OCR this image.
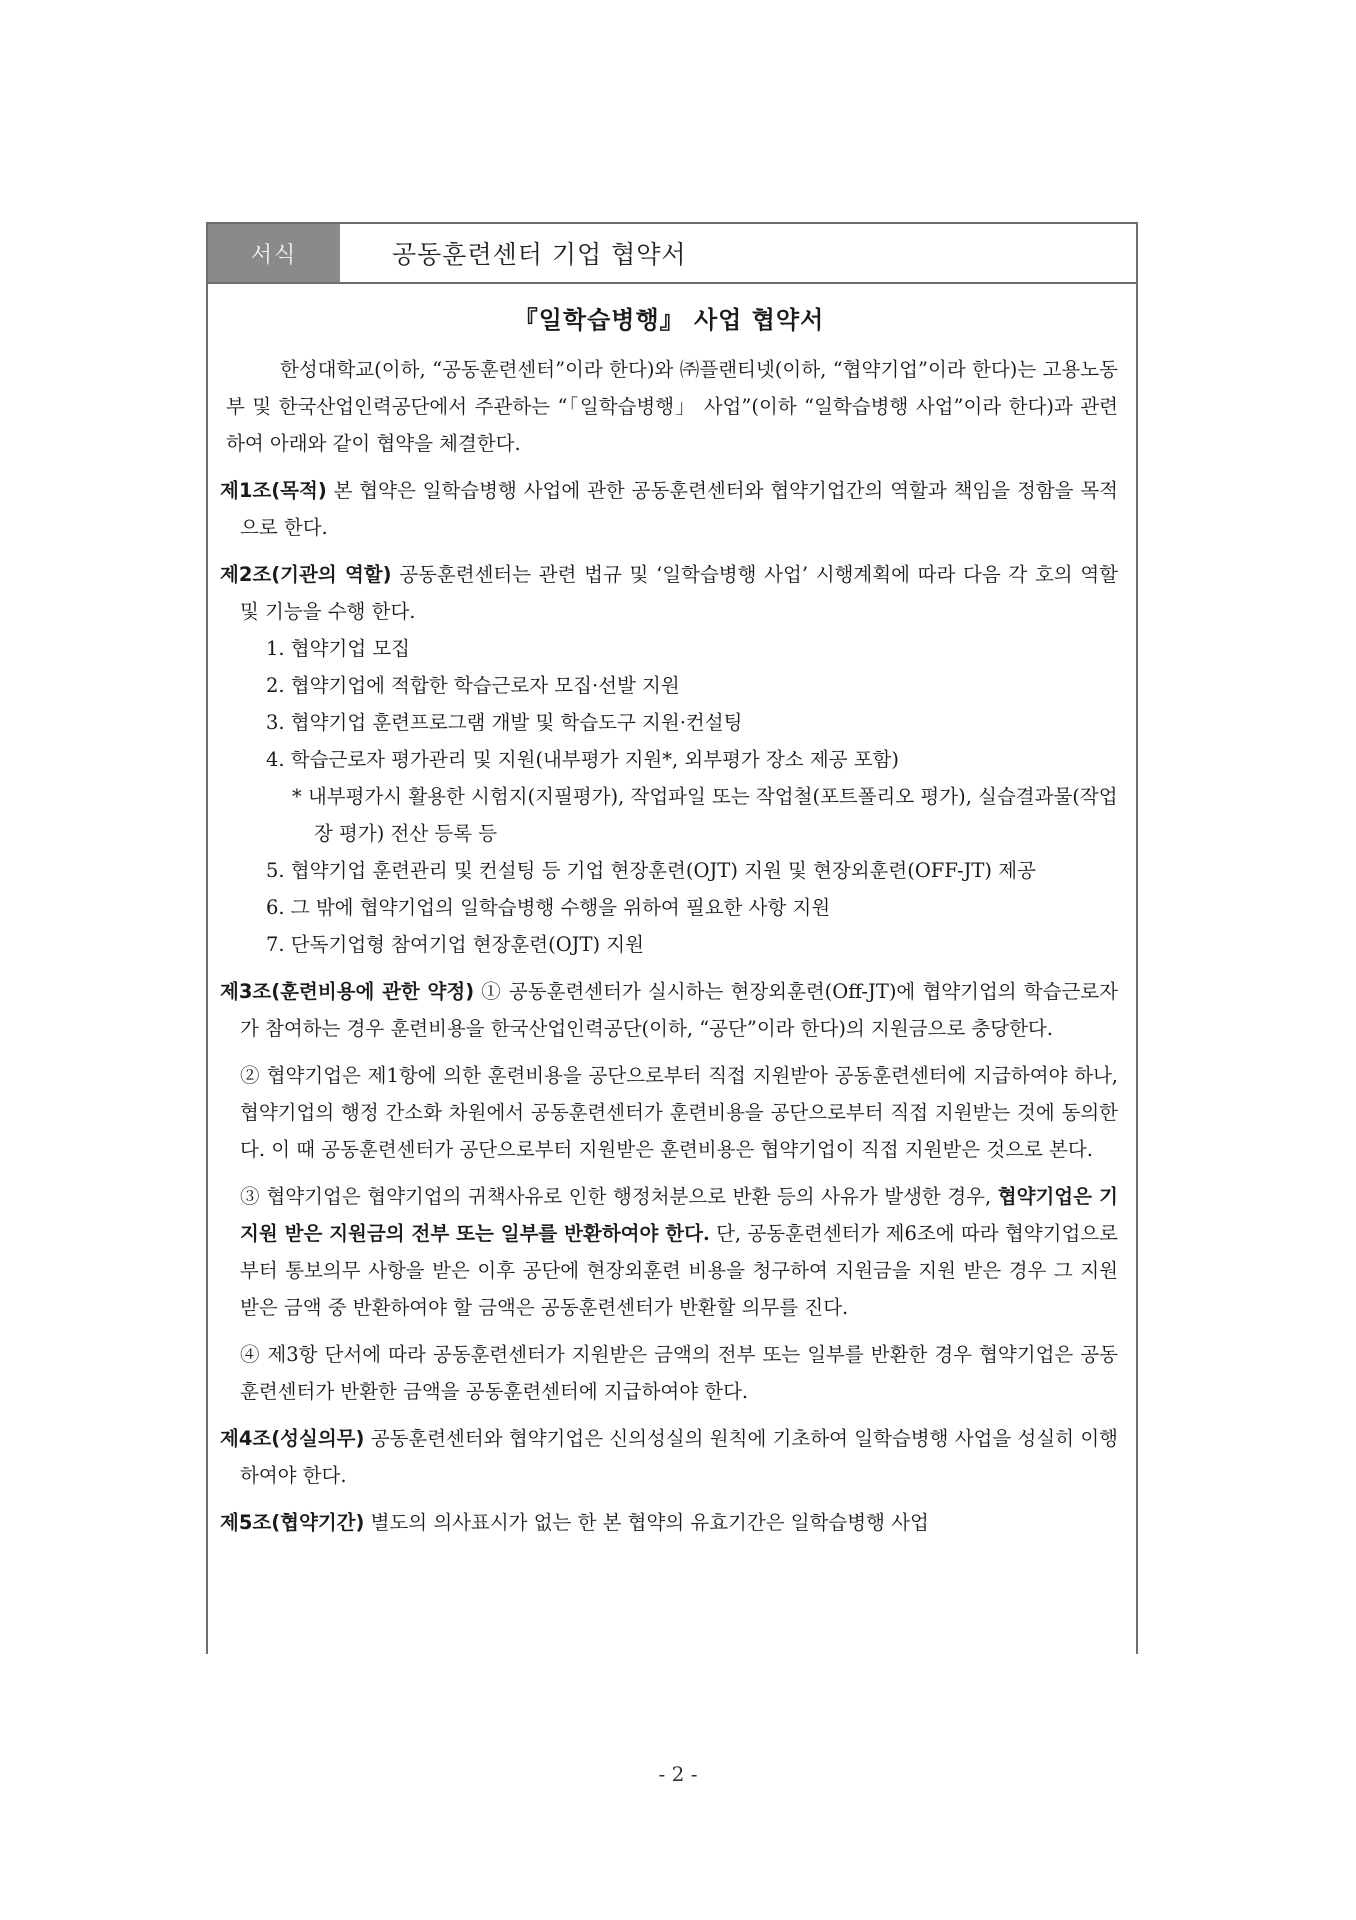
서식	공동훈련센터 기업 협약서
『일학습병행』 사업 협약서

한성대학교(이하, “공동훈련센터”이라 한다)와 ㈜플랜티넷(이하, “협약기업”이라 한다)는 고용노동부 및 한국산업인력공단에서 주관하는 “「일학습병행」 사업”(이하 “일학습병행 사업”이라 한다)과 관련하여 아래와 같이 협약을 체결한다.

제1조(목적) 본 협약은 일학습병행 사업에 관한 공동훈련센터와 협약기업간의 역할과 책임을 정함을 목적으로 한다.

제2조(기관의 역할) 공동훈련센터는 관련 법규 및 ‘일학습병행 사업’ 시행계획에 따라 다음 각 호의 역할 및 기능을 수행 한다.

1. 협약기업 모집
2. 협약기업에 적합한 학습근로자 모집·선발 지원
3. 협약기업 훈련프로그램 개발 및 학습도구 지원·컨설팅
4. 학습근로자 평가관리 및 지원(내부평가 지원*, 외부평가 장소 제공 포함)

* 내부평가시 활용한 시험지(지필평가), 작업파일 또는 작업철(포트폴리오 평가), 실습결과물(작업장 평가) 전산 등록 등

5. 협약기업 훈련관리 및 컨설팅 등 기업 현장훈련(OJT) 지원 및 현장외훈련(OFF-JT) 제공
6. 그 밖에 협약기업의 일학습병행 수행을 위하여 필요한 사항 지원
7. 단독기업형 참여기업 현장훈련(OJT) 지원

제3조(훈련비용에 관한 약정) ① 공동훈련센터가 실시하는 현장외훈련(Off-JT)에 협약기업의 학습근로자가 참여하는 경우 훈련비용을 한국산업인력공단(이하, “공단”이라 한다)의 지원금으로 충당한다.

② 협약기업은 제1항에 의한 훈련비용을 공단으로부터 직접 지원받아 공동훈련센터에 지급하여야 하나, 협약기업의 행정 간소화 차원에서 공동훈련센터가 훈련비용을 공단으로부터 직접 지원받는 것에 동의한다. 이 때 공동훈련센터가 공단으로부터 지원받은 훈련비용은 협약기업이 직접 지원받은 것으로 본다.

③ 협약기업은 협약기업의 귀책사유로 인한 행정처분으로 반환 등의 사유가 발생한 경우, 협약기업은 기지원 받은 지원금의 전부 또는 일부를 반환하여야 한다. 단, 공동훈련센터가 제6조에 따라 협약기업으로부터 통보의무 사항을 받은 이후 공단에 현장외훈련 비용을 청구하여 지원금을 지원 받은 경우 그 지원 받은 금액 중 반환하여야 할 금액은 공동훈련센터가 반환할 의무를 진다.

④ 제3항 단서에 따라 공동훈련센터가 지원받은 금액의 전부 또는 일부를 반환한 경우 협약기업은 공동훈련센터가 반환한 금액을 공동훈련센터에 지급하여야 한다.

제4조(성실의무) 공동훈련센터와 협약기업은 신의성실의 원칙에 기초하여 일학습병행 사업을 성실히 이행하여야 한다.

제5조(협약기간) 별도의 의사표시가 없는 한 본 협약의 유효기간은 일학습병행 사업

- 2 -
